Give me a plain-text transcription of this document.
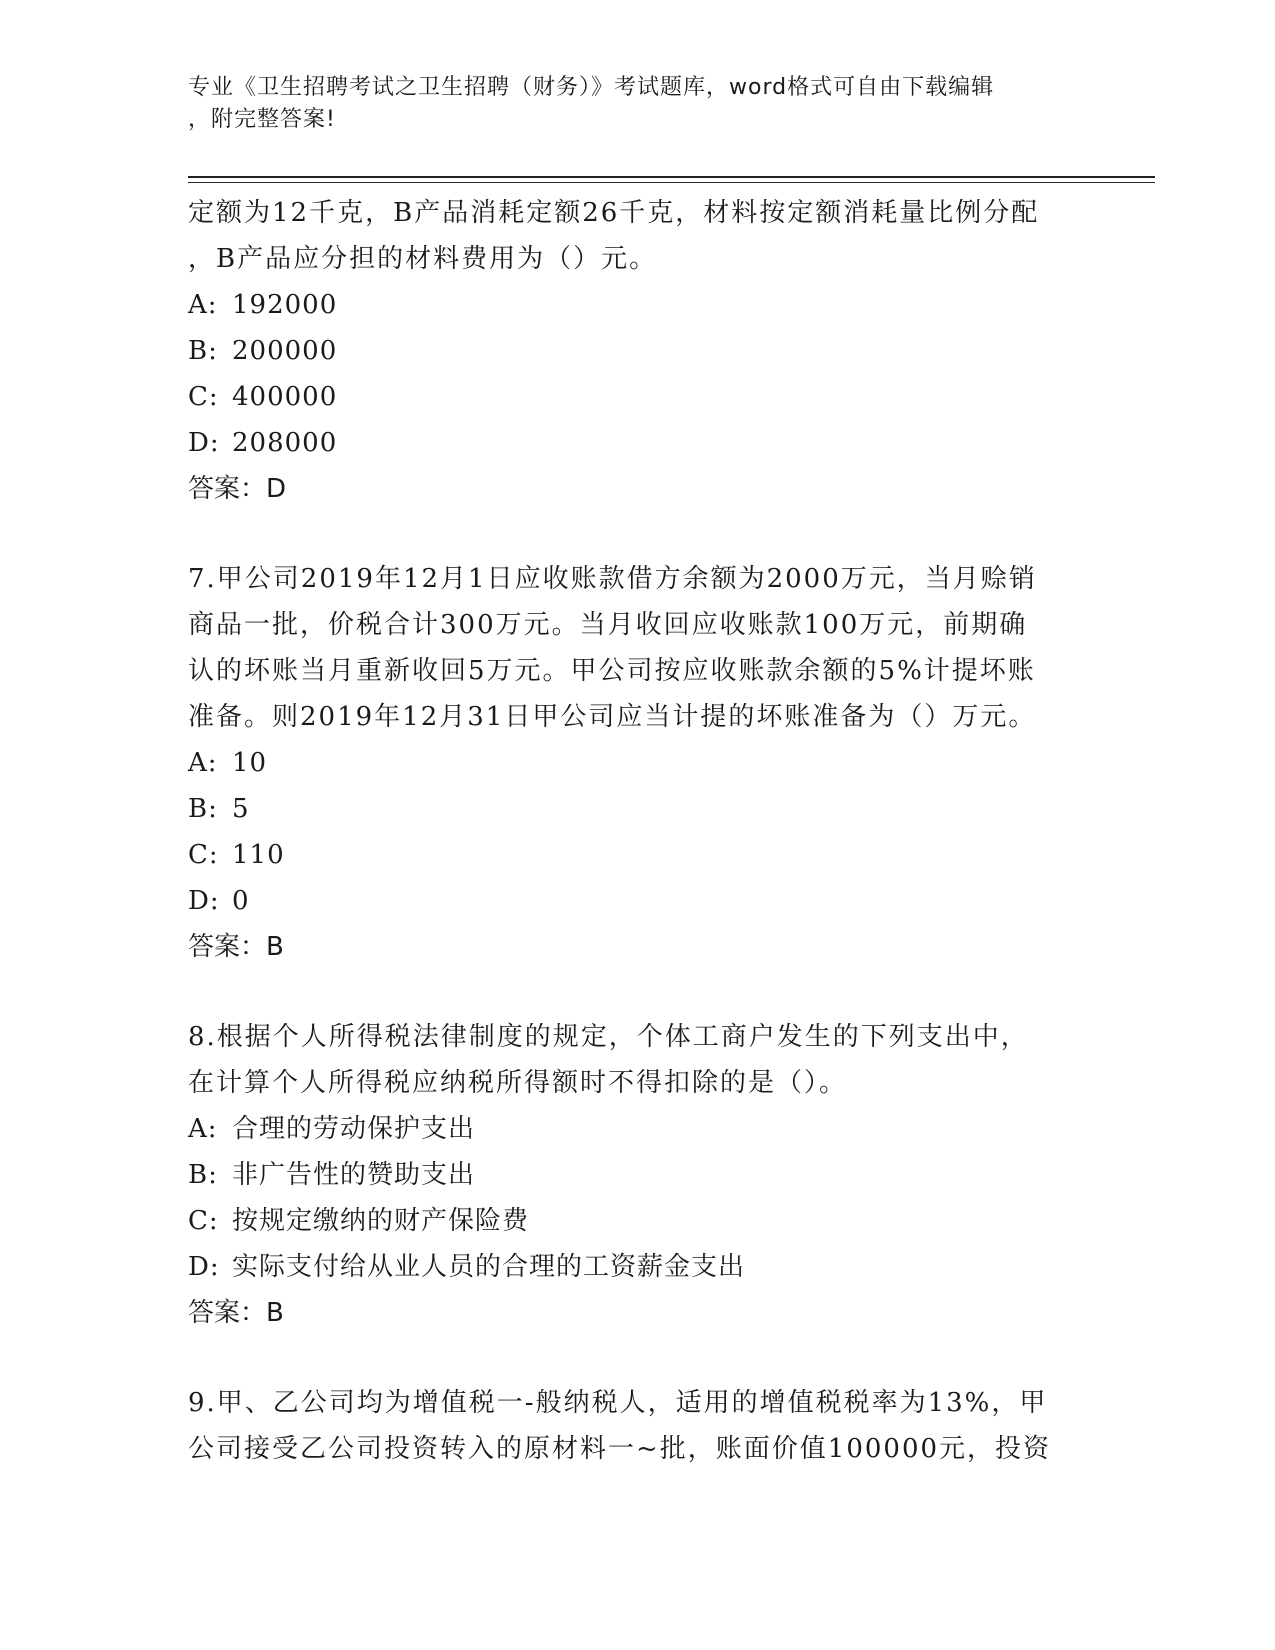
专业《卫生招聘考试之卫生招聘（财务）》考试题库，word格式可自由下载编辑
，附完整答案!
定额为12千克，B产品消耗定额26千克，材料按定额消耗量比例分配
，B产品应分担的材料费用为（）元。
A: 192000
B: 200000
C: 400000
D: 208000
答案：D
7.甲公司2019年12月1日应收账款借方余额为2000万元，当月赊销
商品一批，价税合计300万元。当月收回应收账款100万元，前期确
认的坏账当月重新收回5万元。甲公司按应收账款余额的5%计提坏账
准备。则2019年12月31日甲公司应当计提的坏账准备为（）万元。
A: 10
B: 5
C: 110
D: 0
答案：B
8.根据个人所得税法律制度的规定，个体工商户发生的下列支出中，
在计算个人所得税应纳税所得额时不得扣除的是（）。
A: 合理的劳动保护支出
B: 非广告性的赞助支出
C: 按规定缴纳的财产保险费
D: 实际支付给从业人员的合理的工资薪金支出
答案：B
9.甲、乙公司均为增值税一-般纳税人，适用的增值税税率为13%，甲
公司接受乙公司投资转入的原材料一~批，账面价值100000元，投资
